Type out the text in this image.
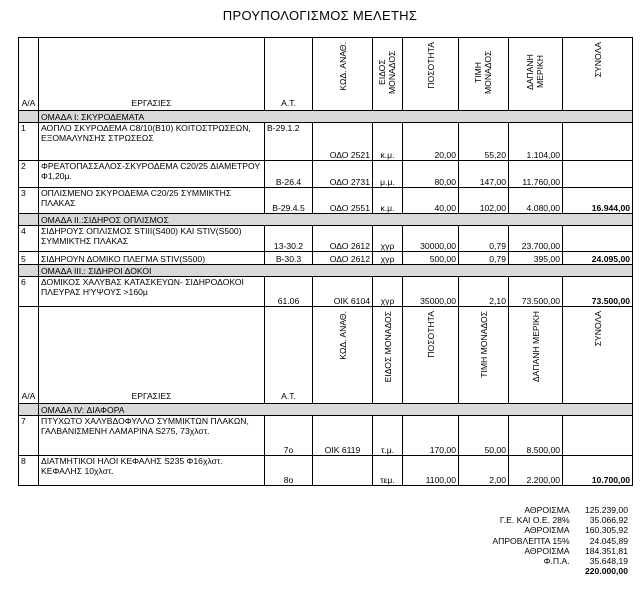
ΠΡΟΥΠΟΛΟΓΙΣΜΟΣ ΜΕΛΕΤΗΣ
Α/Α	ΕΡΓΑΣΙΕΣ	Α.Τ.	ΚΩΔ. ΑΝΑΘ.	ΕΙΔΟΣ ΜΟΝΑΔΟΣ	ΠΟΣΟΤΗΤΑ	ΤΙΜΗ ΜΟΝΑΔΟΣ	ΔΑΠΑΝΗ ΜΕΡΙΚΗ	ΣΥΝΟΛΑ
	ΟΜΑΔΑ Ι: ΣΚΥΡΟΔΕΜΑΤΑ							
1	ΑΟΠΛΟ ΣΚΥΡΟΔΕΜΑ C8/10(B10) ΚΟΙΤΟΣΤΡΩΣΕΩΝ, ΕΞΟΜΑΛΥΝΣΗΣ ΣΤΡΩΣΕΩΣ	B-29.1.2	ΟΔΟ 2521	κ.μ.	20,00	55,20	1.104,00	
2	ΦΡΕΑΤΟΠΑΣΣΑΛΟΣ-ΣΚΥΡΟΔΕΜΑ C20/25 ΔΙΑΜΕΤΡΟΥ Φ1,20μ.	B-26.4	ΟΔΟ 2731	μ.μ.	80,00	147,00	11.760,00	
3	ΟΠΛΙΣΜΕΝΟ ΣΚΥΡΟΔΕΜΑ C20/25 ΣΥΜΜΙΚΤΗΣ ΠΛΑΚΑΣ	B-29.4.5	ΟΔΟ 2551	κ.μ.	40,00	102,00	4.080,00	16.944,00
	ΟΜΑΔΑ ΙΙ.:ΣΙΔΗΡΟΣ ΟΠΛΙΣΜΟΣ							
4	ΣΙΔΗΡΟΥΣ ΟΠΛΙΣΜΟΣ STIII(S400) ΚΑΙ STIV(S500) ΣΥΜΜΙΚΤΗΣ ΠΛΑΚΑΣ	13-30.2	ΟΔΟ 2612	χγρ	30000,00	0,79	23.700,00	
5	ΣΙΔΗΡΟΥΝ ΔΟΜΙΚΟ ΠΛΕΓΜΑ STIV(S500)	B-30.3	ΟΔΟ 2612	χγρ	500,00	0,79	395,00	24.095,00
	ΟΜΑΔΑ ΙΙΙ.: ΣΙΔΗΡΟΙ ΔΟΚΟΙ							
6	ΔΟΜΙΚΟΣ ΧΑΛΥΒΑΣ ΚΑΤΑΣΚΕΥΩΝ- ΣΙΔΗΡΟΔΟΚΟΙ ΠΛΕΥΡΑΣ Η'ΥΨΟΥΣ >160μ	61.06	ΟΙΚ 6104	χγρ	35000,00	2,10	73.500,00	73.500,00
Α/Α	ΕΡΓΑΣΙΕΣ	Α.Τ.	ΚΩΔ. ΑΝΑΘ.	ΕΙΔΟΣ ΜΟΝΑΔΟΣ	ΠΟΣΟΤΗΤΑ	ΤΙΜΗ ΜΟΝΑΔΟΣ	ΔΑΠΑΝΗ ΜΕΡΙΚΗ	ΣΥΝΟΛΑ
	ΟΜΑΔΑ ΙV: ΔΙΑΦΟΡΑ							
7	ΠΤΥΧΩΤΟ ΧΑΛΥΒΔΟΦΥΛΛΟ ΣΥΜΜΙΚΤΩΝ ΠΛΑΚΩΝ, ΓΑΛΒΑΝΙΣΜΕΝΗ ΛΑΜΑΡΙΝΑ S275, 73χλστ.	7ο	ΟΙΚ 6119	τ.μ.	170,00	50,00	8.500,00	
8	ΔΙΑΤΜΗΤΙΚΟΙ ΗΛΟΙ ΚΕΦΑΛΗΣ S235 Φ16χλστ. ΚΕΦΑΛΗΣ 10χλστ.	8ο		τεμ.	1100,00	2,00	2.200,00	10.700,00
ΑΘΡΟΙΣΜΑ 125.239,00
Γ.Ε. ΚΑΙ Ο.Ε. 28% 35.066,92
ΑΘΡΟΙΣΜΑ 160.305,92
ΑΠΡΟΒΛΕΠΤΑ 15% 24.045,89
ΑΘΡΟΙΣΜΑ 184.351,81
Φ.Π.Α. 35.648,19
220.000,00
